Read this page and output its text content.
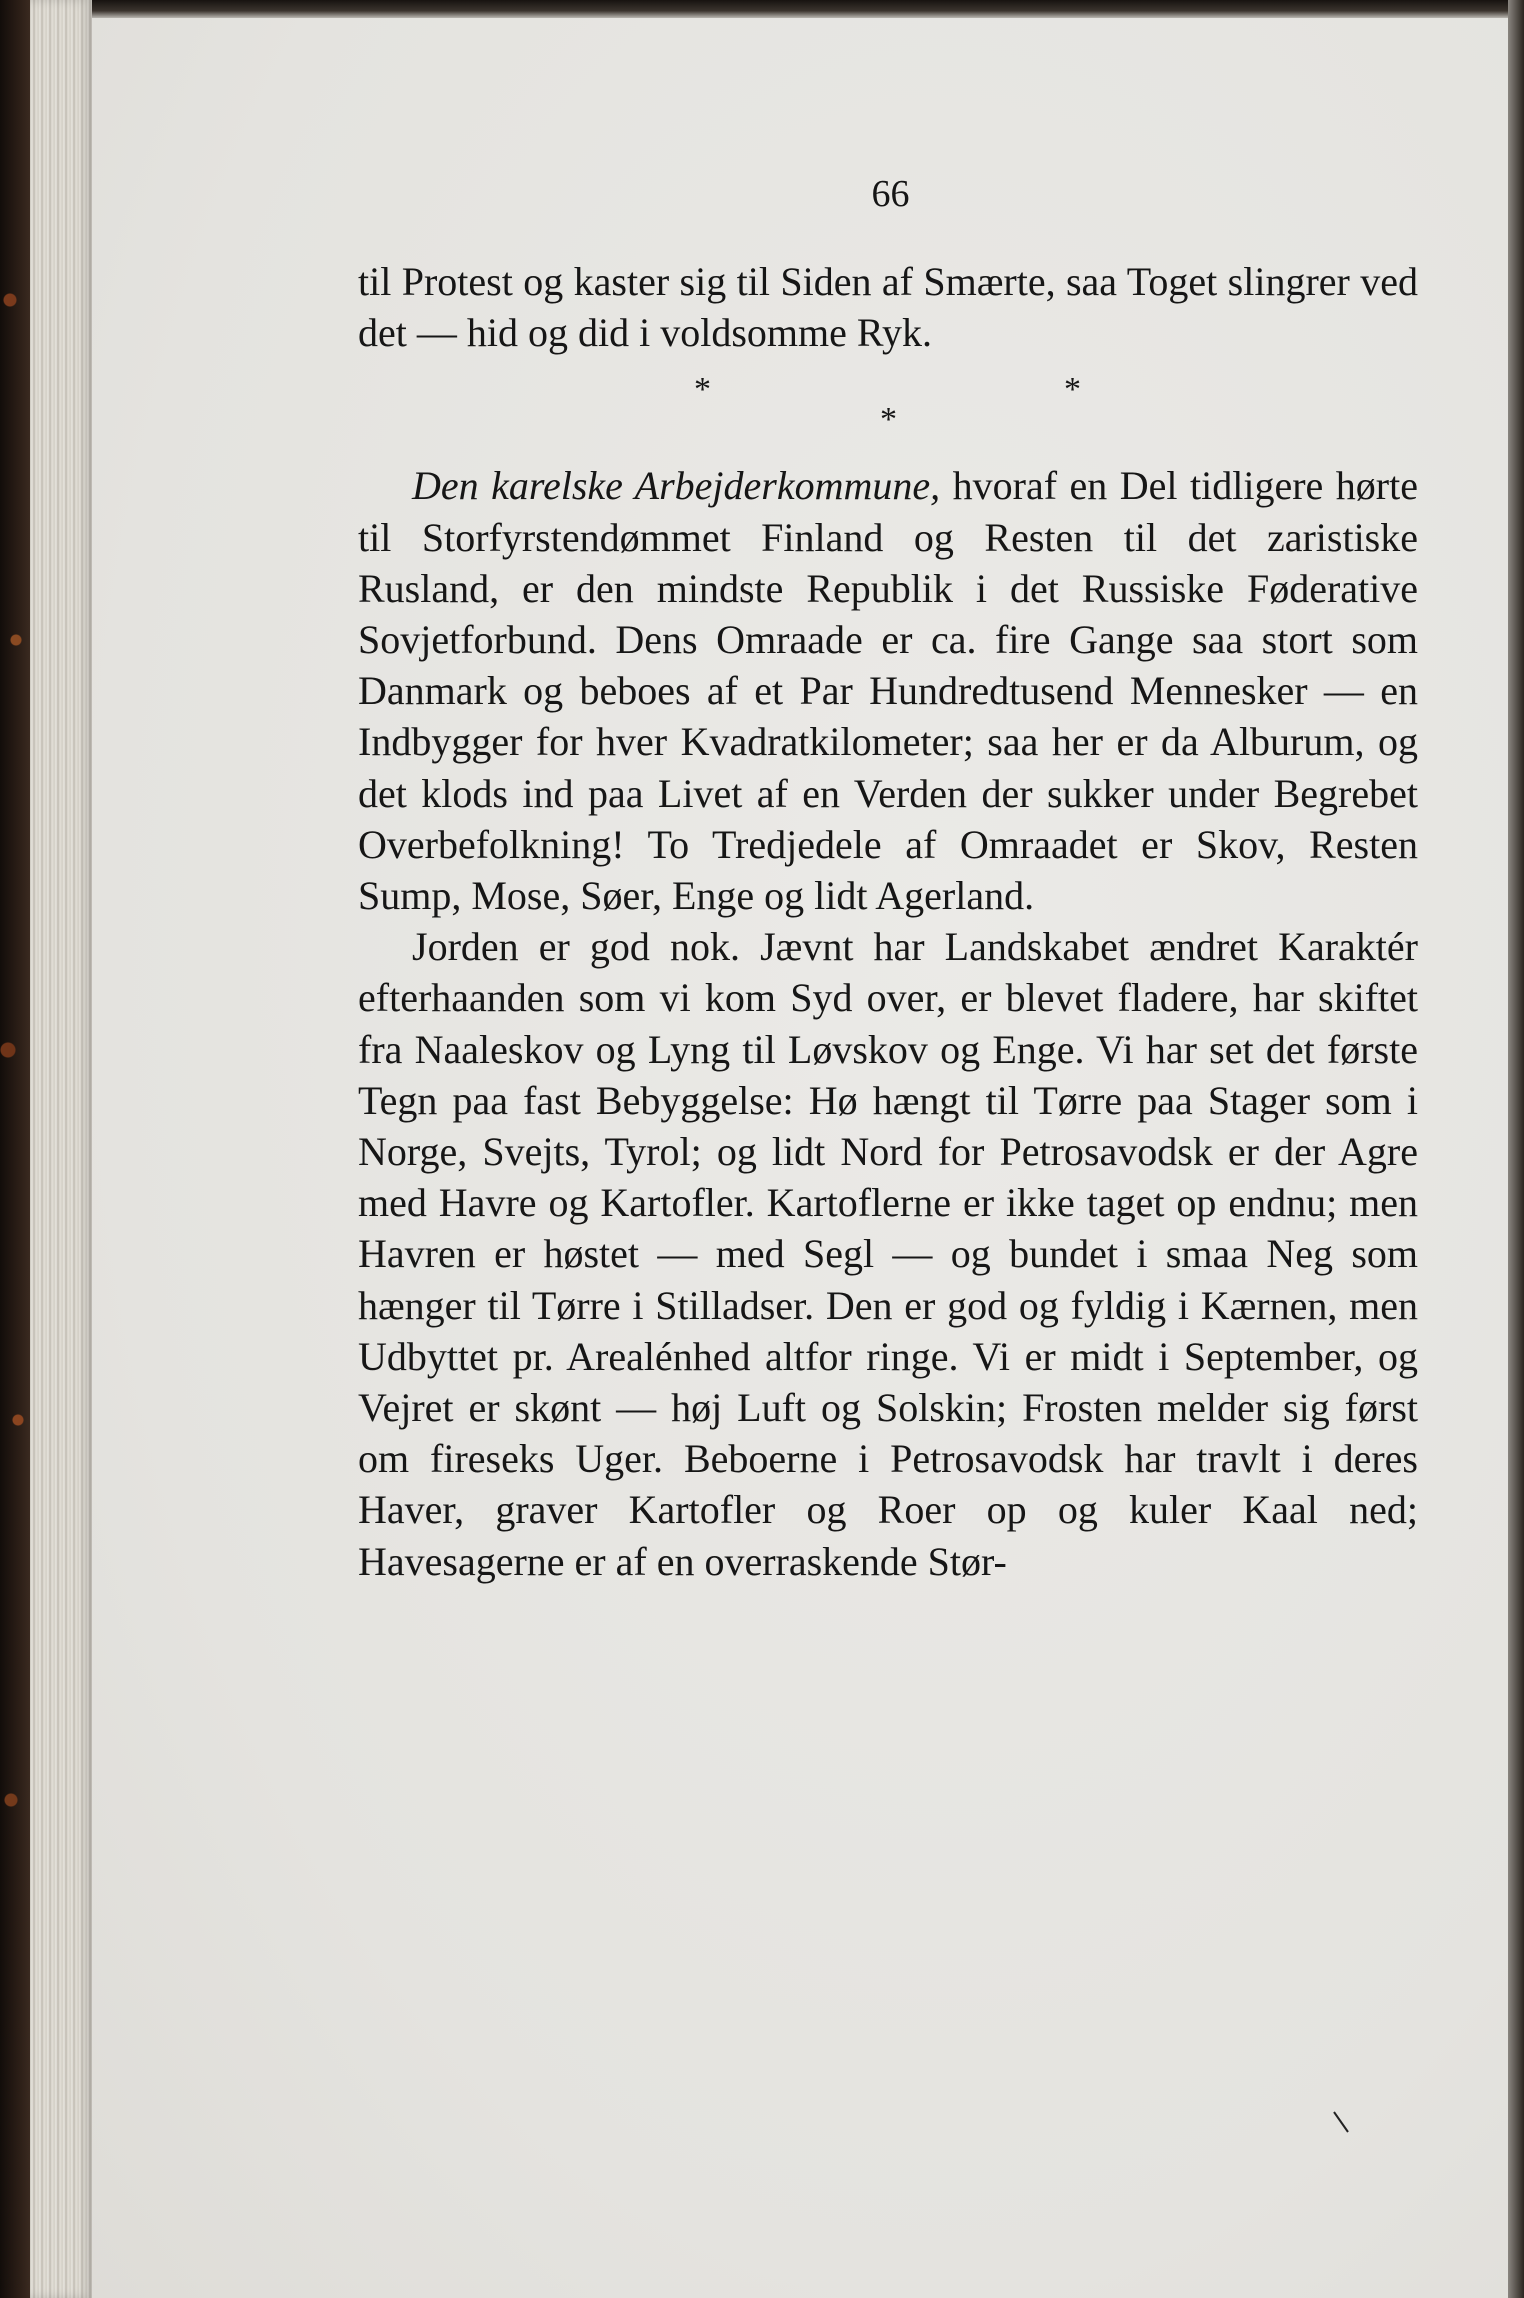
66

til Protest og kaster sig til Siden af Smærte, saa Toget slingrer ved det — hid og did i voldsomme Ryk.

*	*
*

Den karelske Arbejderkommune, hvoraf en Del tidligere hørte til Storfyrstendømmet Finland og Resten til det zaristiske Rusland, er den mindste Republik i det Russiske Føderative Sovjetforbund. Dens Omraade er ca. fire Gange saa stort som Danmark og beboes af et Par Hundredtusend Mennesker — en Indbygger for hver Kvadratkilometer; saa her er da Alburum, og det klods ind paa Livet af en Verden der sukker under Begrebet Overbefolkning! To Tredjedele af Omraadet er Skov, Resten Sump, Mose, Søer, Enge og lidt Agerland.

Jorden er god nok. Jævnt har Landskabet ændret Karaktér efterhaanden som vi kom Syd over, er blevet fladere, har skiftet fra Naaleskov og Lyng til Løvskov og Enge. Vi har set det første Tegn paa fast Bebyggelse: Hø hængt til Tørre paa Stager som i Norge, Svejts, Tyrol; og lidt Nord for Petrosavodsk er der Agre med Havre og Kartofler. Kartoflerne er ikke taget op endnu; men Havren er høstet — med Segl — og bundet i smaa Neg som hænger til Tørre i Stilladser. Den er god og fyldig i Kærnen, men Udbyttet pr. Arealénhed altfor ringe. Vi er midt i September, og Vejret er skønt — høj Luft og Solskin; Frosten melder sig først om fireseks Uger. Beboerne i Petrosavodsk har travlt i deres Haver, graver Kartofler og Roer op og kuler Kaal ned; Havesagerne er af en overraskende Stør-
